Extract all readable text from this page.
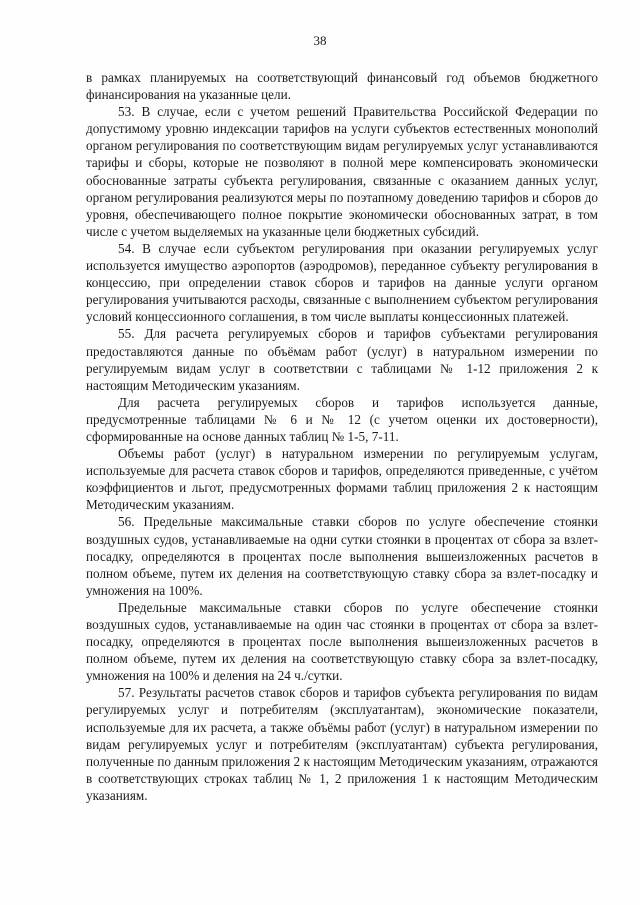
38

в рамках планируемых на соответствующий финансовый год объемов бюджетного финансирования на указанные цели.

53. В случае, если с учетом решений Правительства Российской Федерации по допустимому уровню индексации тарифов на услуги субъектов естественных монополий органом регулирования по соответствующим видам регулируемых услуг устанавливаются тарифы и сборы, которые не позволяют в полной мере компенсировать экономически обоснованные затраты субъекта регулирования, связанные с оказанием данных услуг, органом регулирования реализуются меры по поэтапному доведению тарифов и сборов до уровня, обеспечивающего полное покрытие экономически обоснованных затрат, в том числе с учетом выделяемых на указанные цели бюджетных субсидий.

54. В случае если субъектом регулирования при оказании регулируемых услуг используется имущество аэропортов (аэродромов), переданное субъекту регулирования в концессию, при определении ставок сборов и тарифов на данные услуги органом регулирования учитываются расходы, связанные с выполнением субъектом регулирования условий концессионного соглашения, в том числе выплаты концессионных платежей.

55. Для расчета регулируемых сборов и тарифов субъектами регулирования предоставляются данные по объёмам работ (услуг) в натуральном измерении по регулируемым видам услуг в соответствии с таблицами № 1-12 приложения 2 к настоящим Методическим указаниям.

Для расчета регулируемых сборов и тарифов используется данные, предусмотренные таблицами № 6 и № 12 (с учетом оценки их достоверности), сформированные на основе данных таблиц № 1-5, 7-11.

Объемы работ (услуг) в натуральном измерении по регулируемым услугам, используемые для расчета ставок сборов и тарифов, определяются приведенные, с учётом коэффициентов и льгот, предусмотренных формами таблиц приложения 2 к настоящим Методическим указаниям.

56. Предельные максимальные ставки сборов по услуге обеспечение стоянки воздушных судов, устанавливаемые на одни сутки стоянки в процентах от сбора за взлет-посадку, определяются в процентах после выполнения вышеизложенных расчетов в полном объеме, путем их деления на соответствующую ставку сбора за взлет-посадку и умножения на 100%.

Предельные максимальные ставки сборов по услуге обеспечение стоянки воздушных судов, устанавливаемые на один час стоянки в процентах от сбора за взлет-посадку, определяются в процентах после выполнения вышеизложенных расчетов в полном объеме, путем их деления на соответствующую ставку сбора за взлет-посадку, умножения на 100% и деления на 24 ч./сутки.

57. Результаты расчетов ставок сборов и тарифов субъекта регулирования по видам регулируемых услуг и потребителям (эксплуатантам), экономические показатели, используемые для их расчета, а также объёмы работ (услуг) в натуральном измерении по видам регулируемых услуг и потребителям (эксплуатантам) субъекта регулирования, полученные по данным приложения 2 к настоящим Методическим указаниям, отражаются в соответствующих строках таблиц № 1, 2 приложения 1 к настоящим Методическим указаниям.
